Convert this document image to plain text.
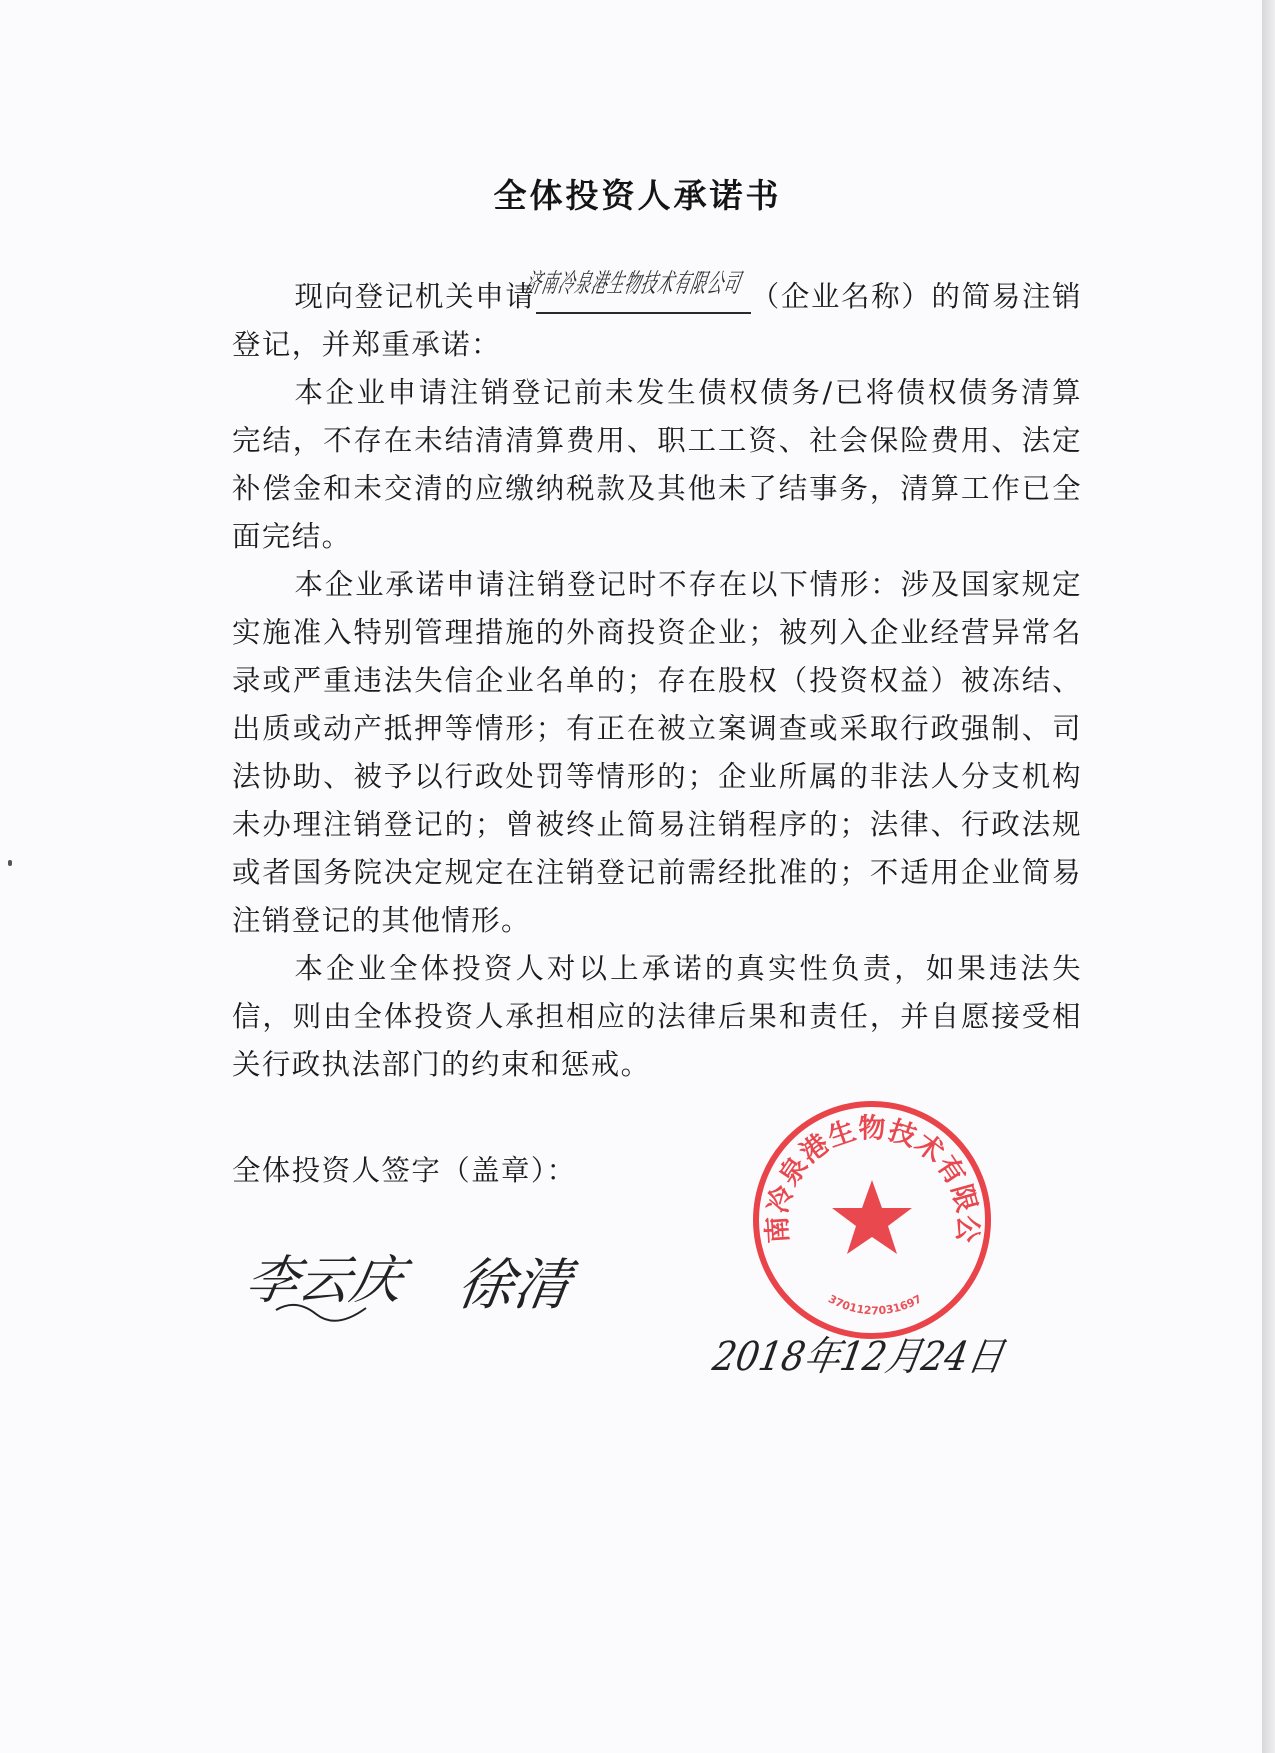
全体投资人承诺书

现向登记机关申请
济南冷泉港生物技术有限公司
（企业名称）的简易注销登记，并郑重承诺：

本企业申请注销登记前未发生债权债务/已将债权债务清算完结，不存在未结清清算费用、职工工资、社会保险费用、法定补偿金和未交清的应缴纳税款及其他未了结事务，清算工作已全面完结。

本企业承诺申请注销登记时不存在以下情形：涉及国家规定实施准入特别管理措施的外商投资企业；被列入企业经营异常名录或严重违法失信企业名单的；存在股权（投资权益）被冻结、出质或动产抵押等情形；有正在被立案调查或采取行政强制、司法协助、被予以行政处罚等情形的；企业所属的非法人分支机构未办理注销登记的；曾被终止简易注销程序的；法律、行政法规或者国务院决定规定在注销登记前需经批准的；不适用企业简易注销登记的其他情形。

本企业全体投资人对以上承诺的真实性负责，如果违法失信，则由全体投资人承担相应的法律后果和责任，并自愿接受相关行政执法部门的约束和惩戒。

全体投资人签字（盖章）：
李云庆 徐清
南冷泉港生物技术有限公
3701127031697
2018年12月24日
